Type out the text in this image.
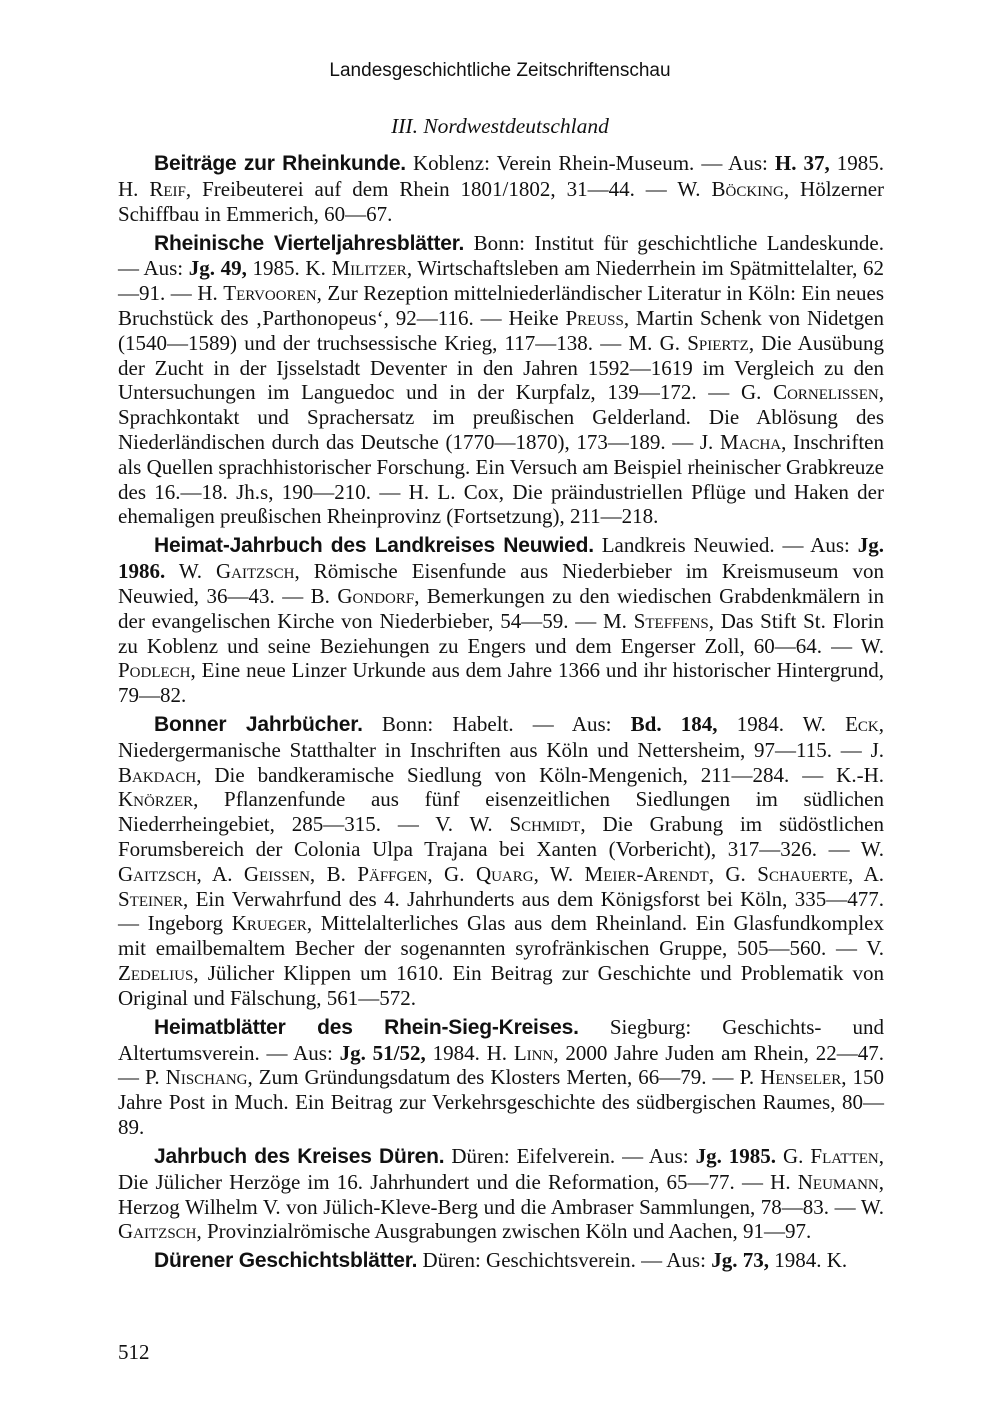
Landesgeschichtliche Zeitschriftenschau
III. Nordwestdeutschland

Beiträge zur Rheinkunde. Koblenz: Verein Rhein-Museum. — Aus: H. 37, 1985. H. Reif, Freibeuterei auf dem Rhein 1801/1802, 31—44. — W. Böcking, Hölzerner Schiffbau in Emmerich, 60—67.

Rheinische Vierteljahresblätter. Bonn: Institut für geschichtliche Landeskunde. — Aus: Jg. 49, 1985. K. Militzer, Wirtschaftsleben am Niederrhein im Spätmittelalter, 62—91. — H. Tervooren, Zur Rezeption mittelniederländischer Literatur in Köln: Ein neues Bruchstück des ‚Parthonopeus‘, 92—116. — Heike Preuss, Martin Schenk von Nidetgen (1540—1589) und der truchsessische Krieg, 117—138. — M. G. Spiertz, Die Ausübung der Zucht in der Ijsselstadt Deventer in den Jahren 1592—1619 im Vergleich zu den Untersuchungen im Languedoc und in der Kurpfalz, 139—172. — G. Cornelissen, Sprachkontakt und Sprachersatz im preußischen Gelderland. Die Ablösung des Niederländischen durch das Deutsche (1770—1870), 173—189. — J. Macha, Inschriften als Quellen sprachhistorischer Forschung. Ein Versuch am Beispiel rheinischer Grabkreuze des 16.—18. Jh.s, 190—210. — H. L. Cox, Die präindustriellen Pflüge und Haken der ehemaligen preußischen Rheinprovinz (Fortsetzung), 211—218.

Heimat-Jahrbuch des Landkreises Neuwied. Landkreis Neuwied. — Aus: Jg. 1986. W. Gaitzsch, Römische Eisenfunde aus Niederbieber im Kreismuseum von Neuwied, 36—43. — B. Gondorf, Bemerkungen zu den wiedischen Grabdenkmälern in der evangelischen Kirche von Niederbieber, 54—59. — M. Steffens, Das Stift St. Florin zu Koblenz und seine Beziehungen zu Engers und dem Engerser Zoll, 60—64. — W. Podlech, Eine neue Linzer Urkunde aus dem Jahre 1366 und ihr historischer Hintergrund, 79—82.

Bonner Jahrbücher. Bonn: Habelt. — Aus: Bd. 184, 1984. W. Eck, Niedergermanische Statthalter in Inschriften aus Köln und Nettersheim, 97—115. — J. Bakdach, Die bandkeramische Siedlung von Köln-Mengenich, 211—284. — K.-H. Knörzer, Pflanzenfunde aus fünf eisenzeitlichen Siedlungen im südlichen Niederrheingebiet, 285—315. — V. W. Schmidt, Die Grabung im südöstlichen Forumsbereich der Colonia Ulpa Trajana bei Xanten (Vorbericht), 317—326. — W. Gaitzsch, A. Geissen, B. Päffgen, G. Quarg, W. Meier-Arendt, G. Schauerte, A. Steiner, Ein Verwahrfund des 4. Jahrhunderts aus dem Königsforst bei Köln, 335—477. — Ingeborg Krueger, Mittelalterliches Glas aus dem Rheinland. Ein Glasfundkomplex mit emailbemaltem Becher der sogenannten syrofränkischen Gruppe, 505—560. — V. Zedelius, Jülicher Klippen um 1610. Ein Beitrag zur Geschichte und Problematik von Original und Fälschung, 561—572.

Heimatblätter des Rhein-Sieg-Kreises. Siegburg: Geschichts- und Altertumsverein. — Aus: Jg. 51/52, 1984. H. Linn, 2000 Jahre Juden am Rhein, 22—47. — P. Nischang, Zum Gründungsdatum des Klosters Merten, 66—79. — P. Henseler, 150 Jahre Post in Much. Ein Beitrag zur Verkehrsgeschichte des südbergischen Raumes, 80—89.

Jahrbuch des Kreises Düren. Düren: Eifelverein. — Aus: Jg. 1985. G. Flatten, Die Jülicher Herzöge im 16. Jahrhundert und die Reformation, 65—77. — H. Neumann, Herzog Wilhelm V. von Jülich-Kleve-Berg und die Ambraser Sammlungen, 78—83. — W. Gaitzsch, Provinzialrömische Ausgrabungen zwischen Köln und Aachen, 91—97.

Dürener Geschichtsblätter. Düren: Geschichtsverein. — Aus: Jg. 73, 1984. K.

512
